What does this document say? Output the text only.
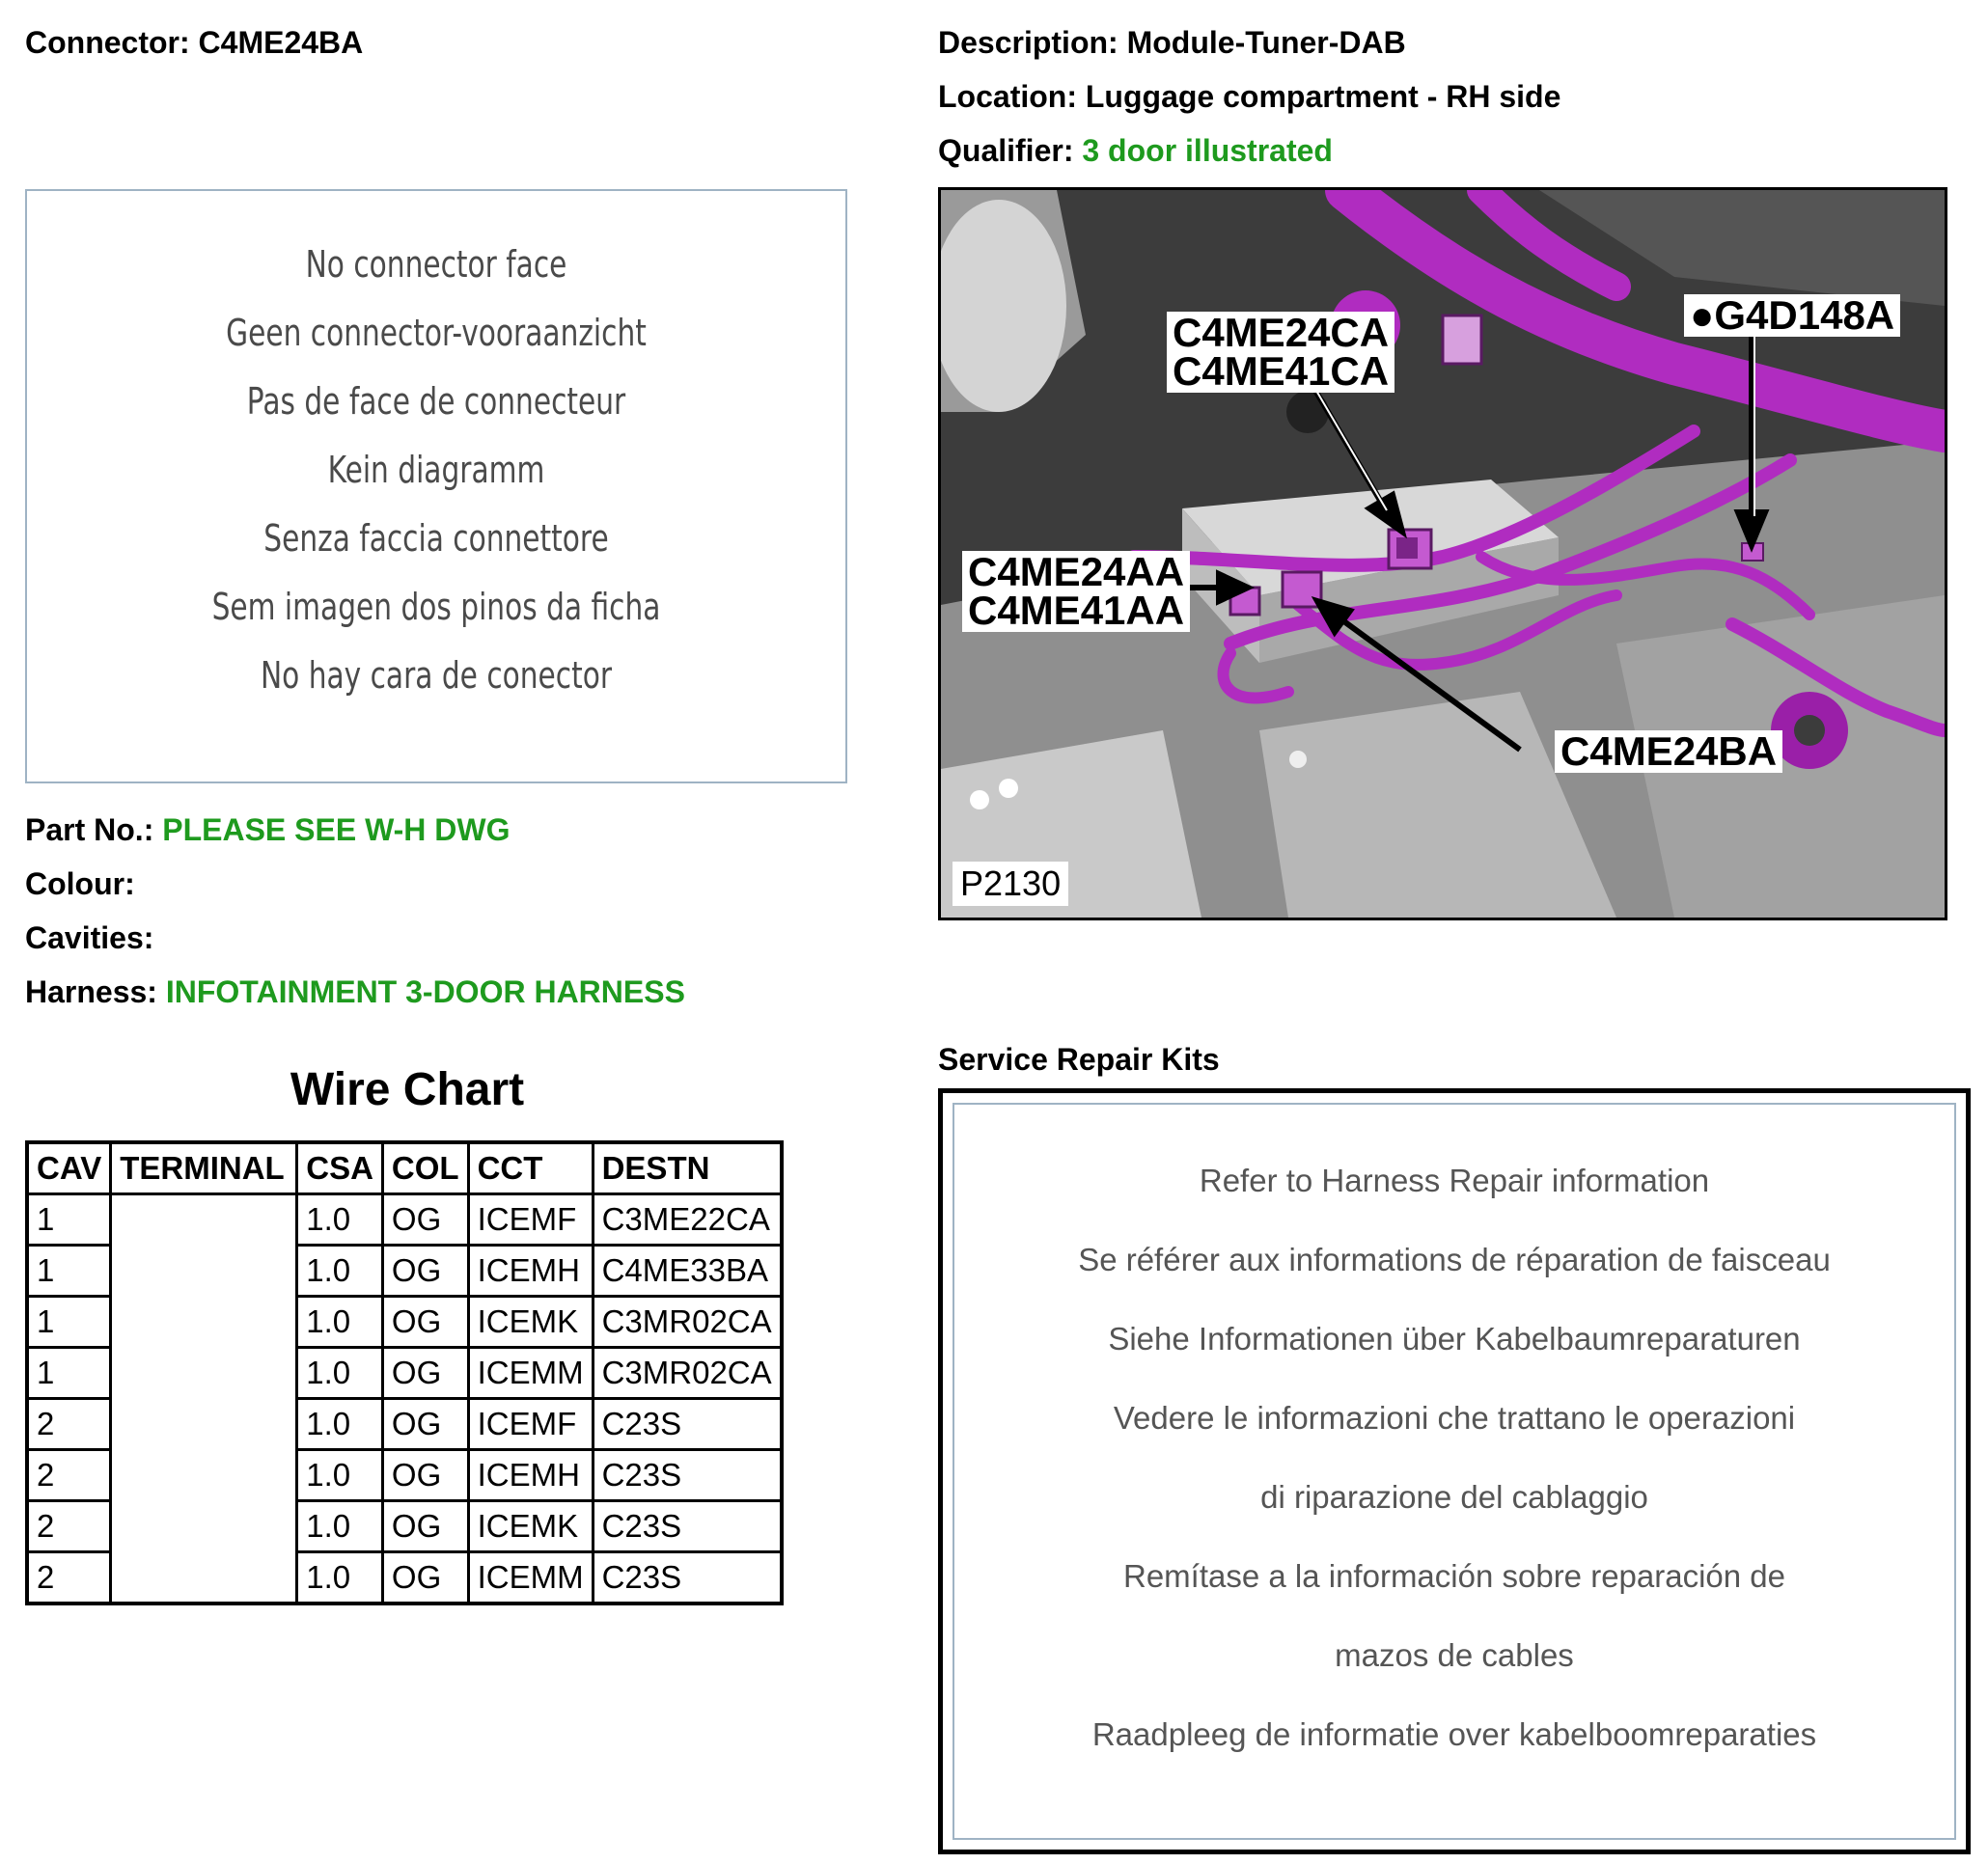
Connector: C4ME24BA	Description: Module-Tuner-DAB
Location: Luggage compartment - RH side
Qualifier: 3 door illustrated
No connector face
Geen connector-vooraanzicht
Pas de face de connecteur
Kein diagramm
Senza faccia connettore
Sem imagen dos pinos da ficha
No hay cara de conector
Part No.: PLEASE SEE W-H DWG
Colour:
Cavities:
Harness: INFOTAINMENT 3-DOOR HARNESS
C4ME24CA
C4ME41CA
●G4D148A
C4ME24AA
C4ME41AA
C4ME24BA
P2130
Wire Chart
CAV	TERMINAL	CSA	COL	CCT	DESTN
1		1.0	OG	ICEMF	C3ME22CA
1		1.0	OG	ICEMH	C4ME33BA
1		1.0	OG	ICEMK	C3MR02CA
1		1.0	OG	ICEMM	C3MR02CA
2		1.0	OG	ICEMF	C23S
2		1.0	OG	ICEMH	C23S
2		1.0	OG	ICEMK	C23S
2		1.0	OG	ICEMM	C23S
Service Repair Kits
Refer to Harness Repair information
Se référer aux informations de réparation de faisceau
Siehe Informationen über Kabelbaumreparaturen
Vedere le informazioni che trattano le operazioni
di riparazione del cablaggio
Remítase a la información sobre reparación de
mazos de cables
Raadpleeg de informatie over kabelboomreparaties
